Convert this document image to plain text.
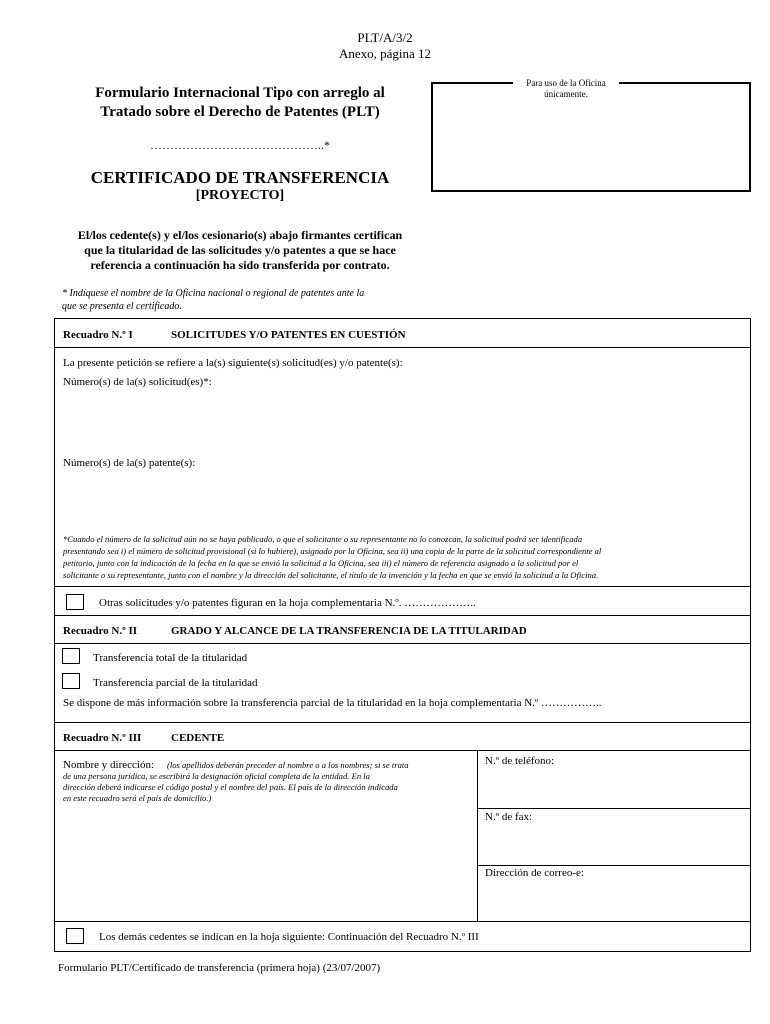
PLT/A/3/2
Anexo, página 12
Formulario Internacional Tipo con arreglo al
Tratado sobre el Derecho de Patentes (PLT)
……………………………………..*
CERTIFICADO DE TRANSFERENCIA
[PROYECTO]
El/los cedente(s) y el/los cesionario(s) abajo firmantes certifican
que la titularidad de las solicitudes y/o patentes a que se hace
referencia a continuación ha sido transferida por contrato.
* Indíquese el nombre de la Oficina nacional o regional de patentes ante la
que se presenta el certificado.
Para uso de la Oficina
únicamente.
Recuadro N.º I	SOLICITUDES Y/O PATENTES EN CUESTIÓN
La presente petición se refiere a la(s) siguiente(s) solicitud(es) y/o patente(s):
Número(s) de la(s) solicitud(es)*:
Número(s) de la(s) patente(s):
*Cuando el número de la solicitud aún no se haya publicado, o que el solicitante o su representante no lo conozcan, la solicitud podrá ser identificada
presentando sea i) el número de solicitud provisional (si lo hubiere), asignado por la Oficina, sea ii) una copia de la parte de la solicitud correspondiente al
petitorio, junto con la indicación de la fecha en la que se envió la solicitud a la Oficina, sea iii) el número de referencia asignado a la solicitud por el
solicitante o su representante, junto con el nombre y la dirección del solicitante, el título de la invención y la fecha en que se envió la solicitud a la Oficina.
Otras solicitudes y/o patentes figuran en la hoja complementaria N.º. ………………..
Recuadro N.º II	GRADO Y ALCANCE DE LA TRANSFERENCIA DE LA TITULARIDAD
Transferencia total de la titularidad
Transferencia parcial de la titularidad
Se dispone de más información sobre la transferencia parcial de la titularidad en la hoja complementaria N.º ……………..
Recuadro N.º III	CEDENTE
Nombre y dirección: (los apellidos deberán preceder al nombre o a los nombres; si se trata
de una persona jurídica, se escribirá la designación oficial completa de la entidad. En la
dirección deberá indicarse el código postal y el nombre del país. El país de la dirección indicada
en este recuadro será el país de domicilio.)
N.º de teléfono:
N.º de fax:
Dirección de correo-e:
Los demás cedentes se indican en la hoja siguiente: Continuación del Recuadro N.º III
Formulario PLT/Certificado de transferencia (primera hoja) (23/07/2007)
